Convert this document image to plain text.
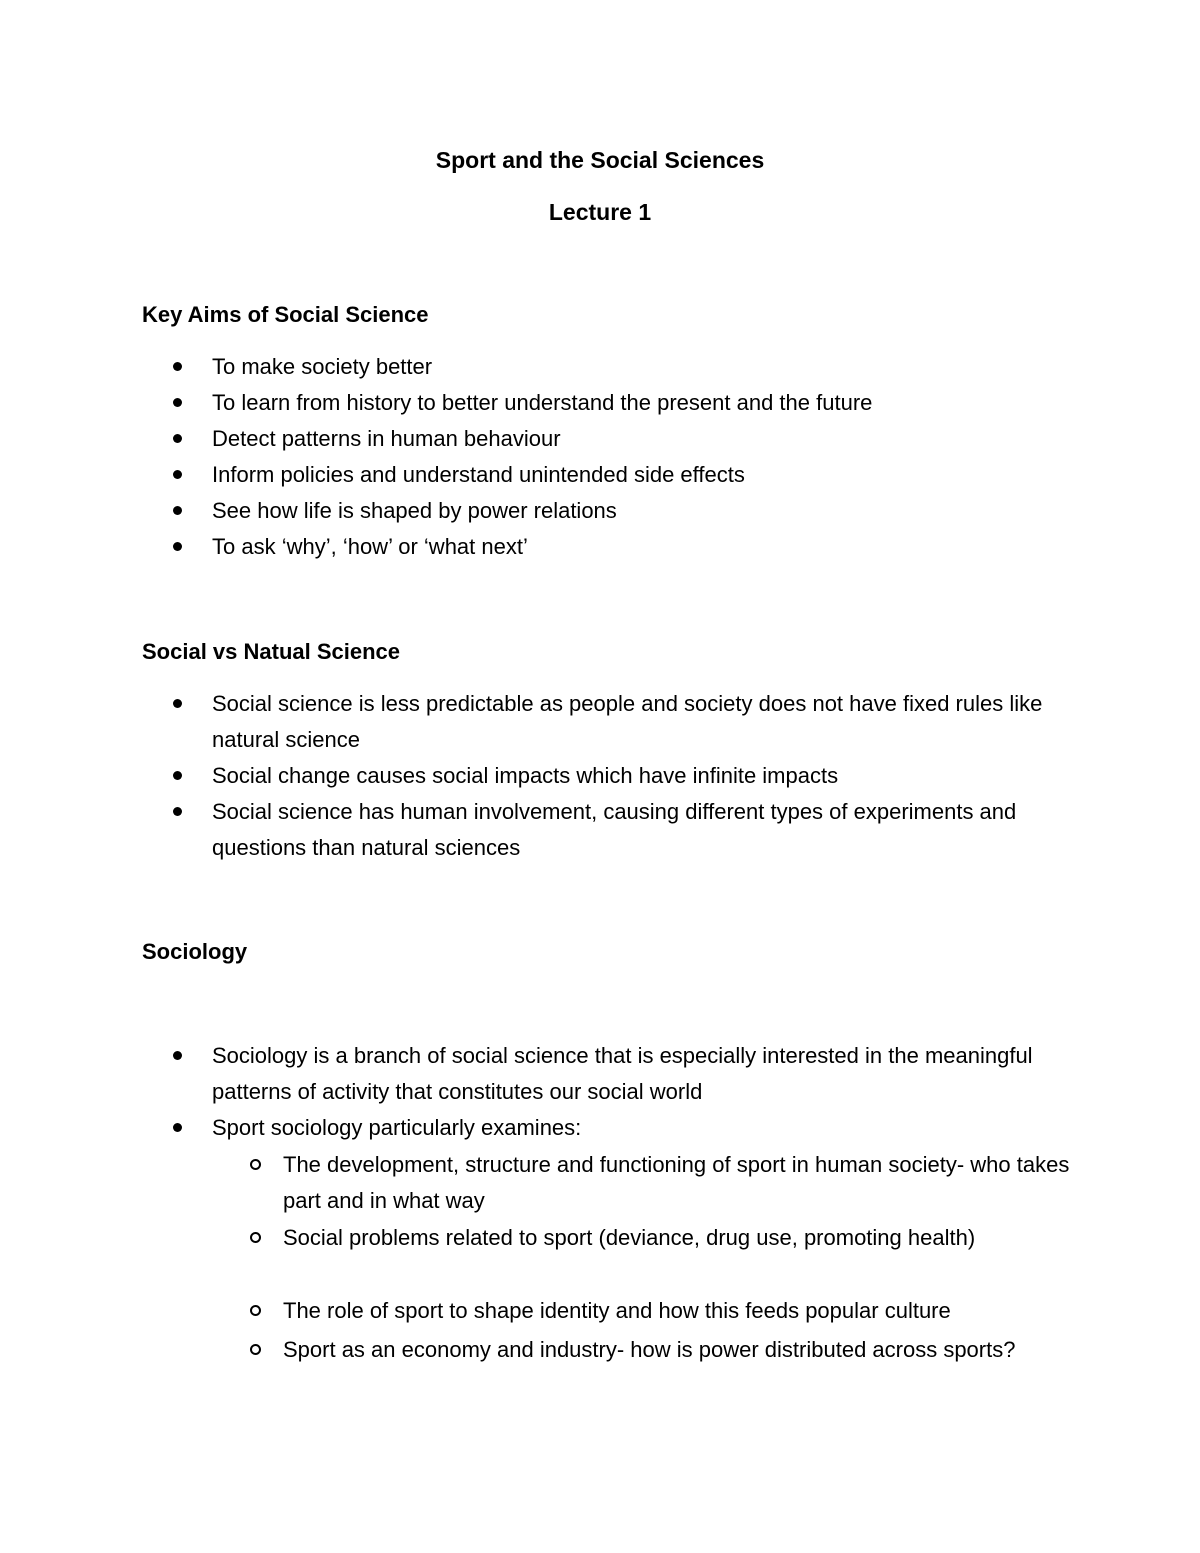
Sport and the Social Sciences
Lecture 1
Key Aims of Social Science
To make society better
To learn from history to better understand the present and the future
Detect patterns in human behaviour
Inform policies and understand unintended side effects
See how life is shaped by power relations
To ask ‘why’, ‘how’ or ‘what next’
Social vs Natual Science
Social science is less predictable as people and society does not have fixed rules like natural science
Social change causes social impacts which have infinite impacts
Social science has human involvement, causing different types of experiments and questions than natural sciences
Sociology
Sociology is a branch of social science that is especially interested in the meaningful patterns of activity that constitutes our social world
Sport sociology particularly examines:
The development, structure and functioning of sport in human society- who takes part and in what way
Social problems related to sport (deviance, drug use, promoting health)
The role of sport to shape identity and how this feeds popular culture
Sport as an economy and industry- how is power distributed across sports?
